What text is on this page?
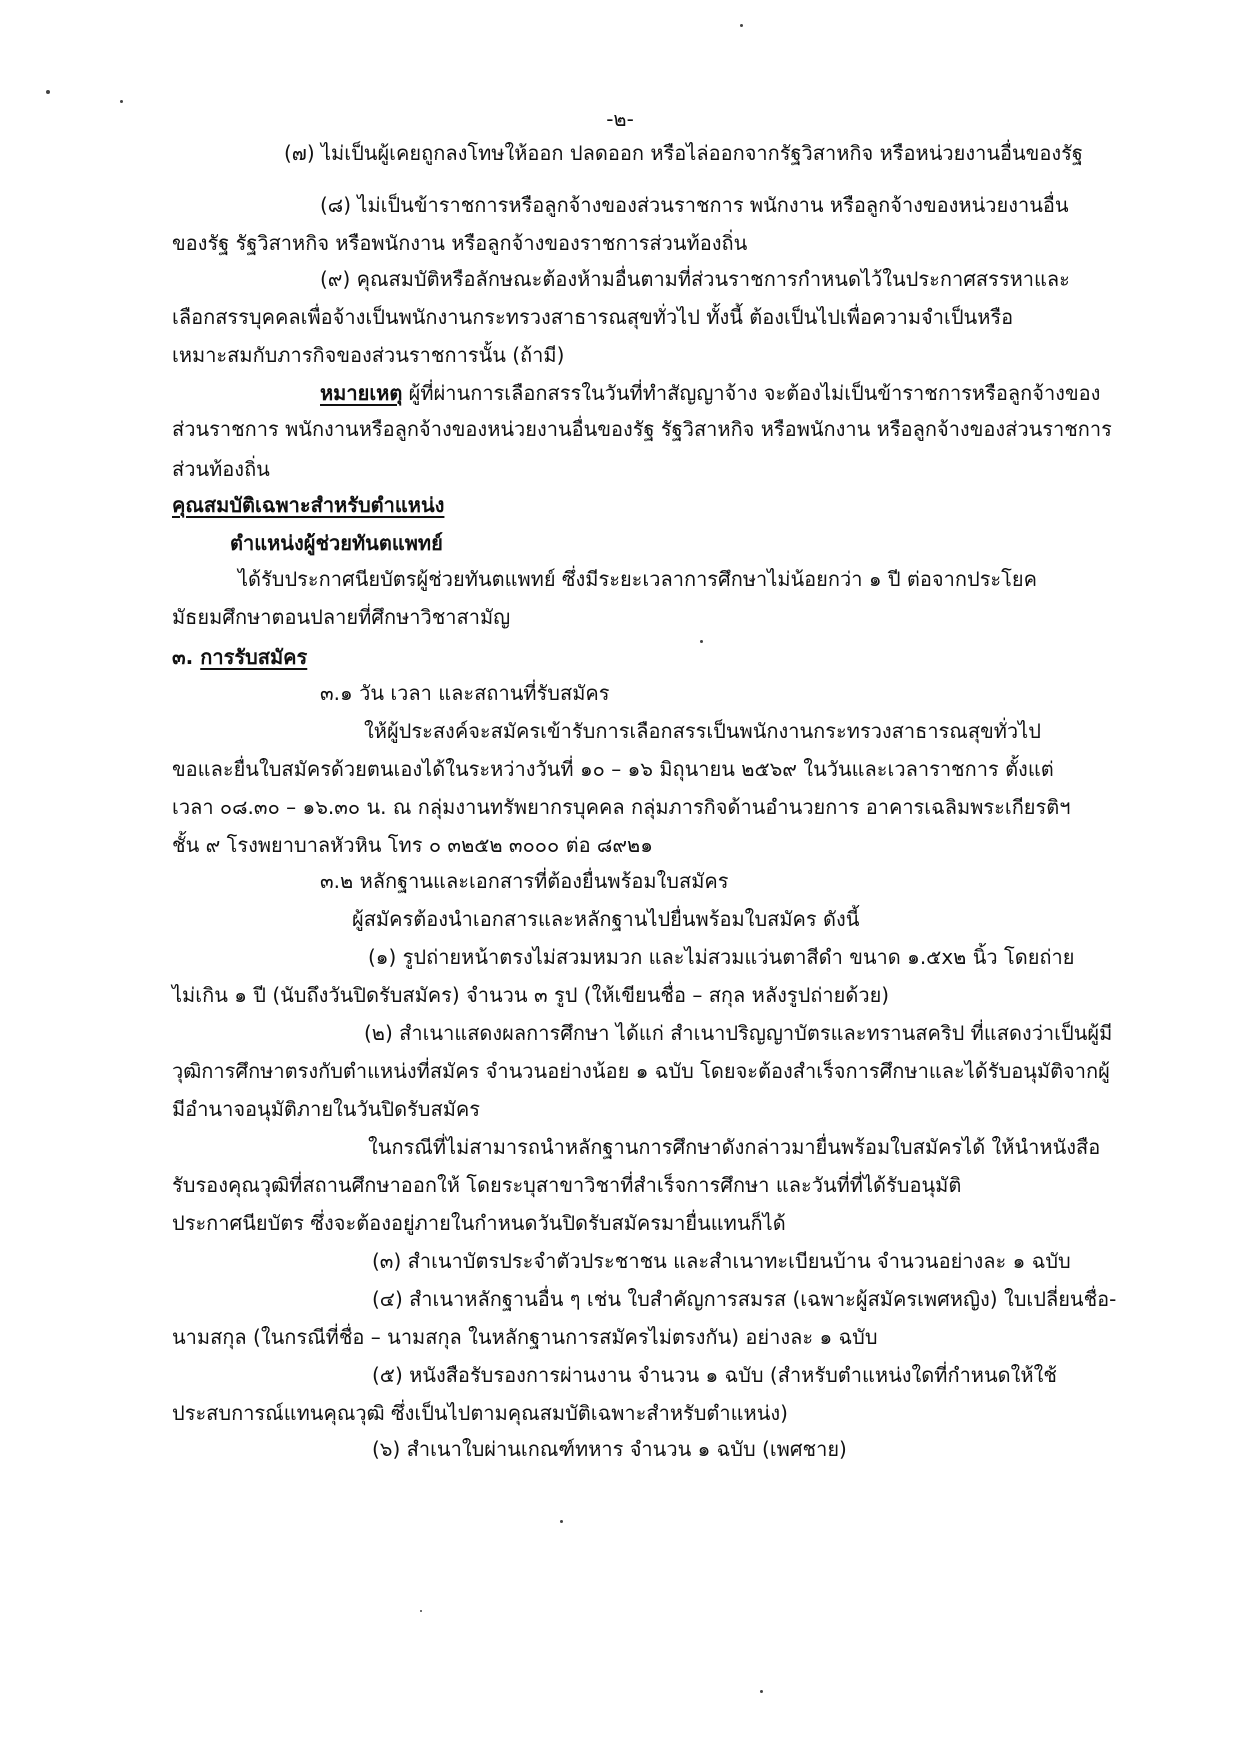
-๒-
(๗) ไม่เป็นผู้เคยถูกลงโทษให้ออก ปลดออก หรือไล่ออกจากรัฐวิสาหกิจ หรือหน่วยงานอื่นของรัฐ
(๘) ไม่เป็นข้าราชการหรือลูกจ้างของส่วนราชการ พนักงาน หรือลูกจ้างของหน่วยงานอื่น
ของรัฐ รัฐวิสาหกิจ หรือพนักงาน หรือลูกจ้างของราชการส่วนท้องถิ่น
(๙) คุณสมบัติหรือลักษณะต้องห้ามอื่นตามที่ส่วนราชการกำหนดไว้ในประกาศสรรหาและ
เลือกสรรบุคคลเพื่อจ้างเป็นพนักงานกระทรวงสาธารณสุขทั่วไป ทั้งนี้ ต้องเป็นไปเพื่อความจำเป็นหรือ
เหมาะสมกับภารกิจของส่วนราชการนั้น (ถ้ามี)
หมายเหตุ ผู้ที่ผ่านการเลือกสรรในวันที่ทำสัญญาจ้าง จะต้องไม่เป็นข้าราชการหรือลูกจ้างของ
ส่วนราชการ พนักงานหรือลูกจ้างของหน่วยงานอื่นของรัฐ รัฐวิสาหกิจ หรือพนักงาน หรือลูกจ้างของส่วนราชการ
ส่วนท้องถิ่น
คุณสมบัติเฉพาะสำหรับตำแหน่ง
ตำแหน่งผู้ช่วยทันตแพทย์
ได้รับประกาศนียบัตรผู้ช่วยทันตแพทย์ ซึ่งมีระยะเวลาการศึกษาไม่น้อยกว่า ๑ ปี ต่อจากประโยค
มัธยมศึกษาตอนปลายที่ศึกษาวิชาสามัญ
๓. การรับสมัคร
๓.๑ วัน เวลา และสถานที่รับสมัคร
ให้ผู้ประสงค์จะสมัครเข้ารับการเลือกสรรเป็นพนักงานกระทรวงสาธารณสุขทั่วไป
ขอและยื่นใบสมัครด้วยตนเองได้ในระหว่างวันที่ ๑๐ – ๑๖ มิถุนายน ๒๕๖๙ ในวันและเวลาราชการ ตั้งแต่
เวลา ๐๘.๓๐ – ๑๖.๓๐ น. ณ กลุ่มงานทรัพยากรบุคคล กลุ่มภารกิจด้านอำนวยการ อาคารเฉลิมพระเกียรติฯ
ชั้น ๙ โรงพยาบาลหัวหิน โทร ๐ ๓๒๕๒ ๓๐๐๐ ต่อ ๘๙๒๑
๓.๒ หลักฐานและเอกสารที่ต้องยื่นพร้อมใบสมัคร
ผู้สมัครต้องนำเอกสารและหลักฐานไปยื่นพร้อมใบสมัคร ดังนี้
(๑) รูปถ่ายหน้าตรงไม่สวมหมวก และไม่สวมแว่นตาสีดำ ขนาด ๑.๕x๒ นิ้ว โดยถ่าย
ไม่เกิน ๑ ปี (นับถึงวันปิดรับสมัคร) จำนวน ๓ รูป (ให้เขียนชื่อ – สกุล หลังรูปถ่ายด้วย)
(๒) สำเนาแสดงผลการศึกษา ได้แก่ สำเนาปริญญาบัตรและทรานสคริป ที่แสดงว่าเป็นผู้มี
วุฒิการศึกษาตรงกับตำแหน่งที่สมัคร จำนวนอย่างน้อย ๑ ฉบับ โดยจะต้องสำเร็จการศึกษาและได้รับอนุมัติจากผู้
มีอำนาจอนุมัติภายในวันปิดรับสมัคร
ในกรณีที่ไม่สามารถนำหลักฐานการศึกษาดังกล่าวมายื่นพร้อมใบสมัครได้ ให้นำหนังสือ
รับรองคุณวุฒิที่สถานศึกษาออกให้ โดยระบุสาขาวิชาที่สำเร็จการศึกษา และวันที่ที่ได้รับอนุมัติ
ประกาศนียบัตร ซึ่งจะต้องอยู่ภายในกำหนดวันปิดรับสมัครมายื่นแทนก็ได้
(๓) สำเนาบัตรประจำตัวประชาชน และสำเนาทะเบียนบ้าน จำนวนอย่างละ ๑ ฉบับ
(๔) สำเนาหลักฐานอื่น ๆ เช่น ใบสำคัญการสมรส (เฉพาะผู้สมัครเพศหญิง) ใบเปลี่ยนชื่อ-
นามสกุล (ในกรณีที่ชื่อ – นามสกุล ในหลักฐานการสมัครไม่ตรงกัน) อย่างละ ๑ ฉบับ
(๕) หนังสือรับรองการผ่านงาน จำนวน ๑ ฉบับ (สำหรับตำแหน่งใดที่กำหนดให้ใช้
ประสบการณ์แทนคุณวุฒิ ซึ่งเป็นไปตามคุณสมบัติเฉพาะสำหรับตำแหน่ง)
(๖) สำเนาใบผ่านเกณฑ์ทหาร จำนวน ๑ ฉบับ (เพศชาย)
